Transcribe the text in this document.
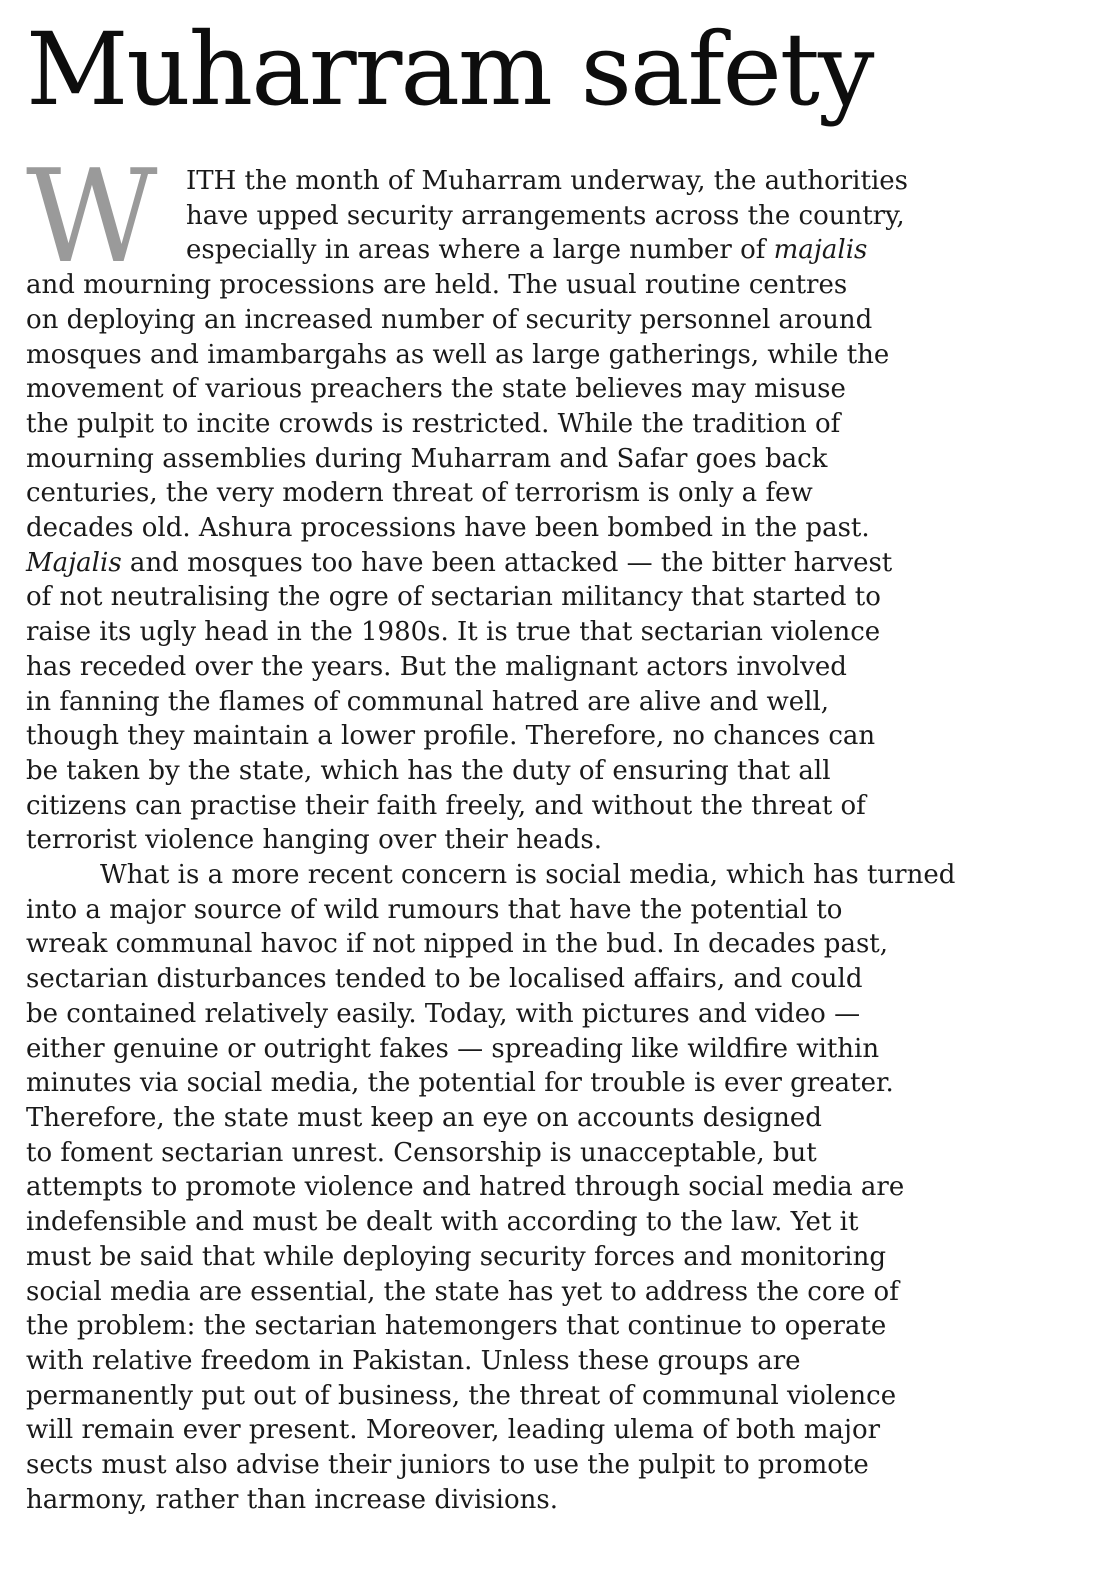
Muharram safety
W	ITH the month of Muharram underway, the authorities
have upped security arrangements across the country,
especially in areas where a large number of majalis
and mourning processions are held. The usual routine centres
on deploying an increased number of security personnel around
mosques and imambargahs as well as large gatherings, while the
movement of various preachers the state believes may misuse
the pulpit to incite crowds is restricted. While the tradition of
mourning assemblies during Muharram and Safar goes back
centuries, the very modern threat of terrorism is only a few
decades old. Ashura processions have been bombed in the past.
Majalis and mosques too have been attacked — the bitter harvest
of not neutralising the ogre of sectarian militancy that started to
raise its ugly head in the 1980s. It is true that sectarian violence
has receded over the years. But the malignant actors involved
in fanning the flames of communal hatred are alive and well,
though they maintain a lower profile. Therefore, no chances can
be taken by the state, which has the duty of ensuring that all
citizens can practise their faith freely, and without the threat of
terrorist violence hanging over their heads.
What is a more recent concern is social media, which has turned
into a major source of wild rumours that have the potential to
wreak communal havoc if not nipped in the bud. In decades past,
sectarian disturbances tended to be localised affairs, and could
be contained relatively easily. Today, with pictures and video —
either genuine or outright fakes — spreading like wildfire within
minutes via social media, the potential for trouble is ever greater.
Therefore, the state must keep an eye on accounts designed
to foment sectarian unrest. Censorship is unacceptable, but
attempts to promote violence and hatred through social media are
indefensible and must be dealt with according to the law. Yet it
must be said that while deploying security forces and monitoring
social media are essential, the state has yet to address the core of
the problem: the sectarian hatemongers that continue to operate
with relative freedom in Pakistan. Unless these groups are
permanently put out of business, the threat of communal violence
will remain ever present. Moreover, leading ulema of both major
sects must also advise their juniors to use the pulpit to promote
harmony, rather than increase divisions.
